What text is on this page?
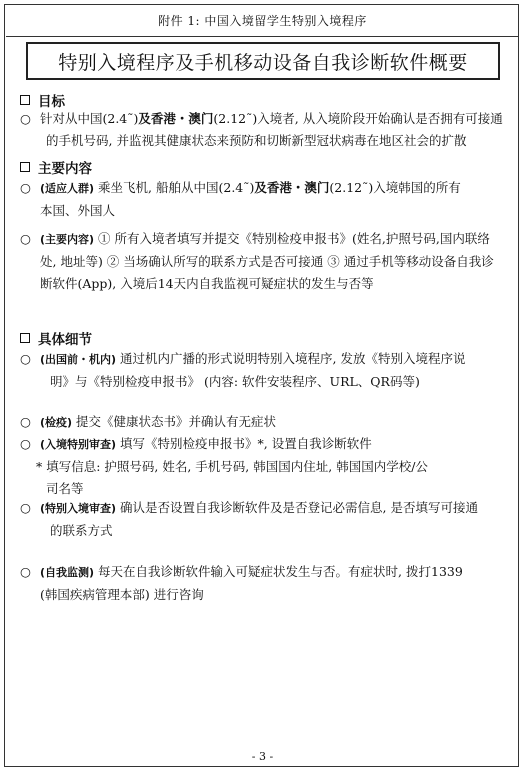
附件 1: 中国入境留学生特别入境程序
特别入境程序及手机移动设备自我诊断软件概要
目标
○ 针对从中国(2.4˜)及香港・澳门(2.12˜)入境者, 从入境阶段开始确认是否拥有可接通
的手机号码, 并监视其健康状态来预防和切断新型冠状病毒在地区社会的扩散
主要内容
○ (适应人群) 乘坐飞机, 船舶从中国(2.4˜)及香港・澳门(2.12˜)入境韩国的所有
本国、外国人
○ (主要内容) ① 所有入境者填写并提交《特别检疫申报书》(姓名,护照号码,国内联络
处, 地址等) ② 当场确认所写的联系方式是否可接通 ③ 通过手机等移动设备自我诊
断软件(App), 入境后14天内自我监视可疑症状的发生与否等
具体细节
○ (出国前・机内) 通过机内广播的形式说明特别入境程序, 发放《特别入境程序说
明》与《特别检疫申报书》 (内容: 软件安装程序、URL、QR码等)
○ (检疫) 提交《健康状态书》并确认有无症状
○ (入境特别审查) 填写《特别检疫申报书》*, 设置自我诊断软件
* 填写信息: 护照号码, 姓名, 手机号码, 韩国国内住址, 韩国国内学校/公
司名等
○ (特别入境审查) 确认是否设置自我诊断软件及是否登记必需信息, 是否填写可接通
的联系方式
○ (自我监测) 每天在自我诊断软件输入可疑症状发生与否。有症状时, 拨打1339
(韩国疾病管理本部) 进行咨询
- 3 -
